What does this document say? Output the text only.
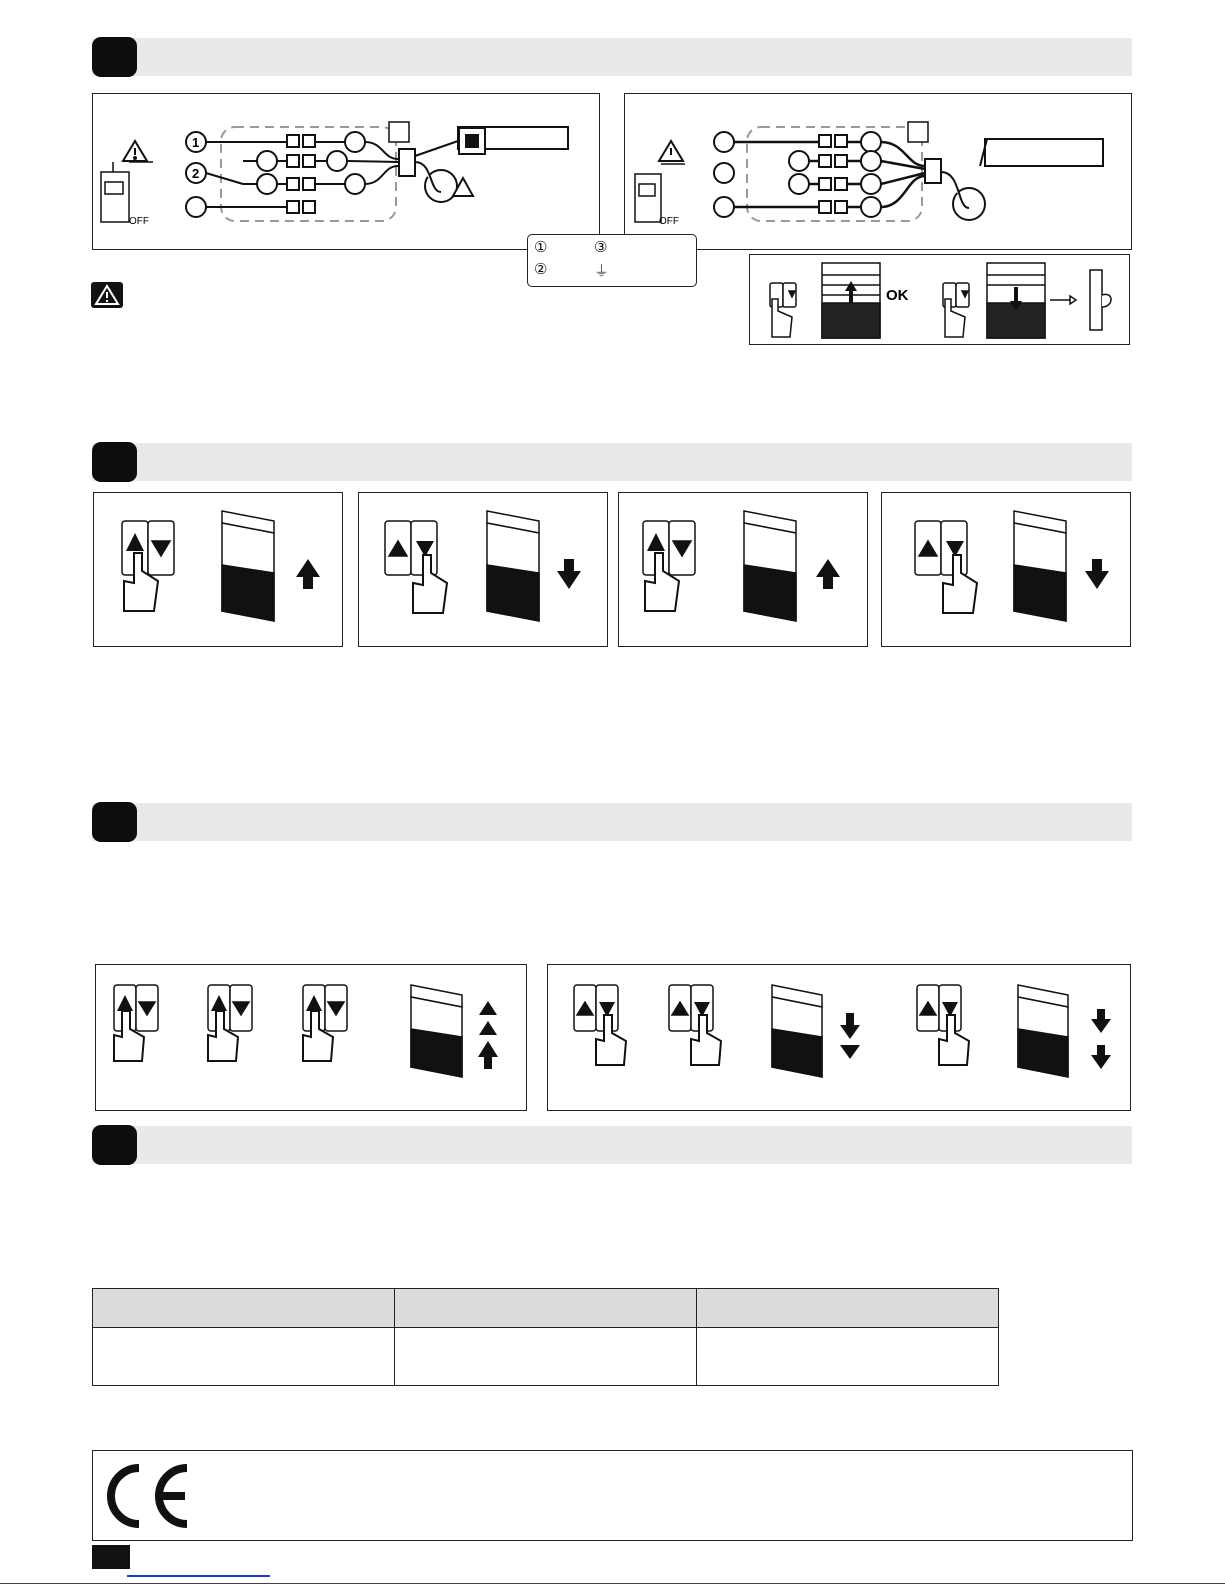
OFF
1
2
OFF
①	③
②	⏚
OK
